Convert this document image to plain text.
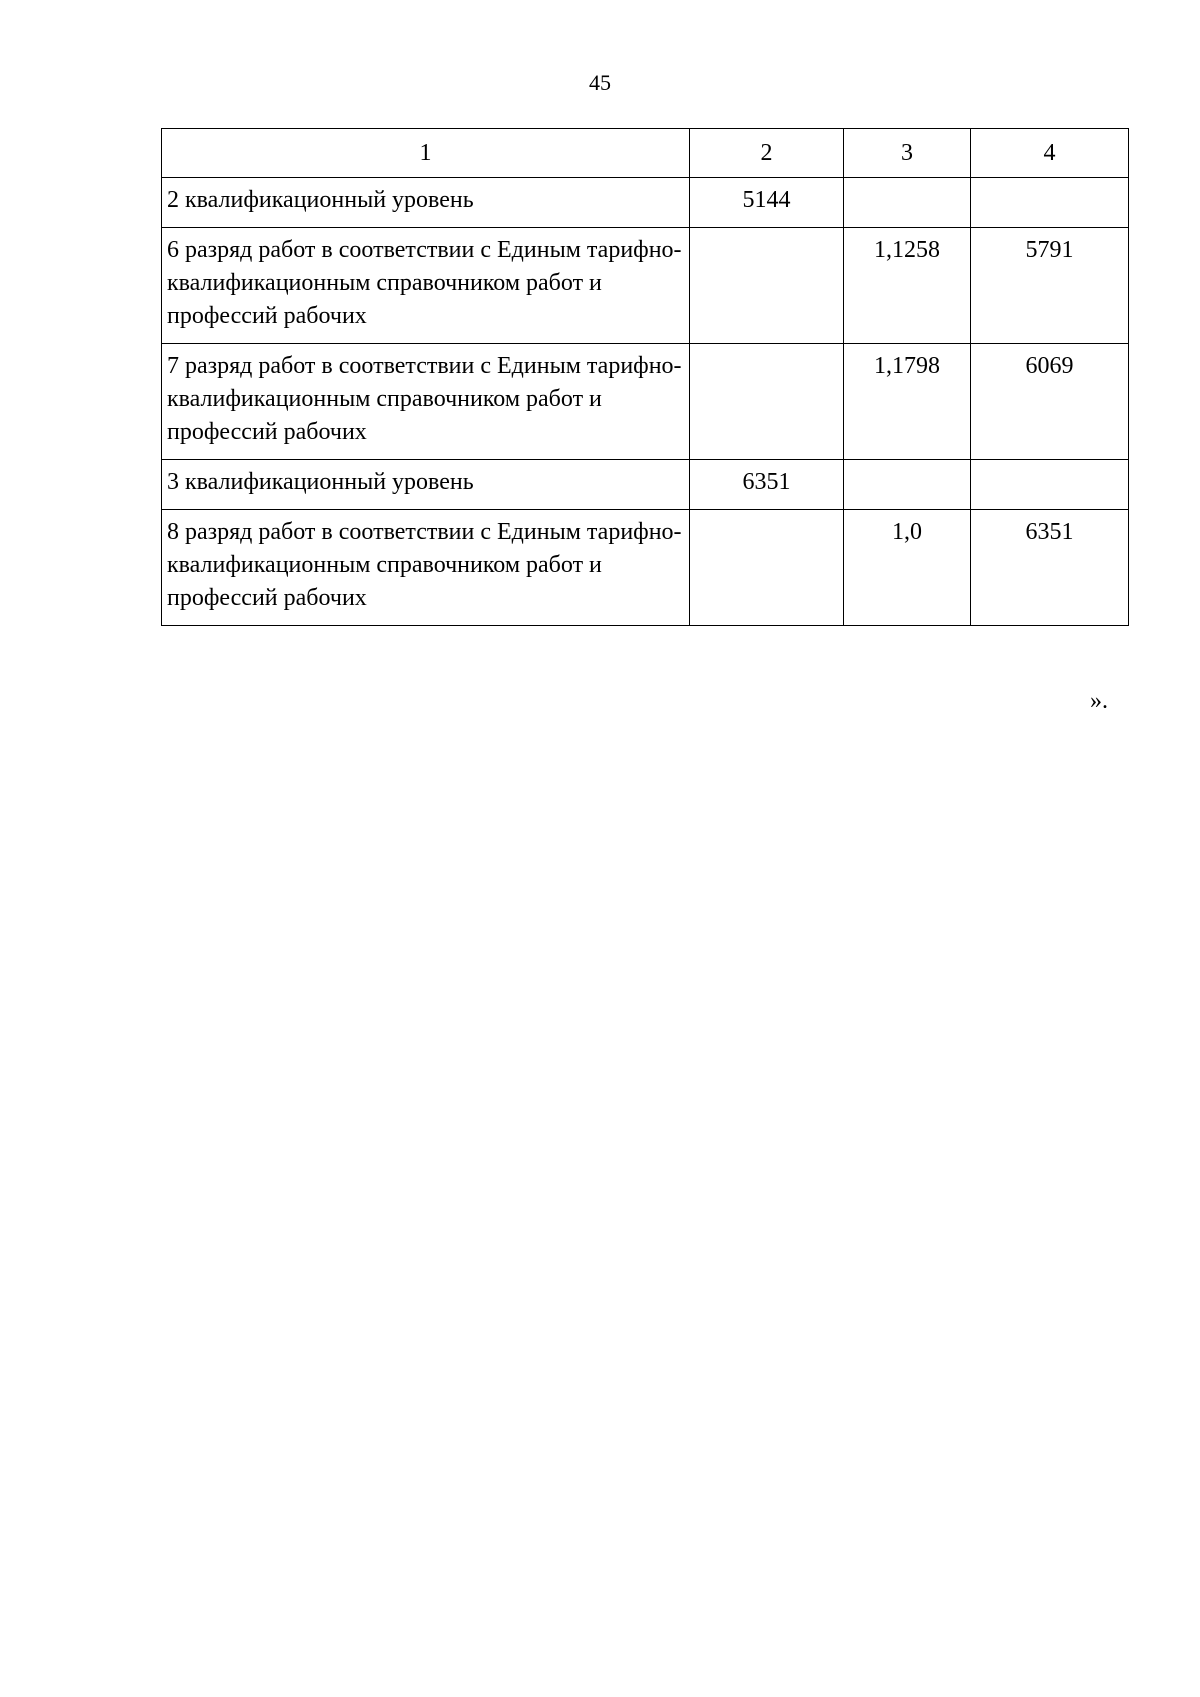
45
1	2	3	4
2 квалификационный уровень	5144		
6 разряд работ в соответствии с Единым тарифно-квалификационным справочником работ и профессий рабочих		1,1258	5791
7 разряд работ в соответствии с Единым тарифно-квалификационным справочником работ и профессий рабочих		1,1798	6069
3 квалификационный уровень	6351		
8 разряд работ в соответствии с Единым тарифно-квалификационным справочником работ и профессий рабочих		1,0	6351
».
